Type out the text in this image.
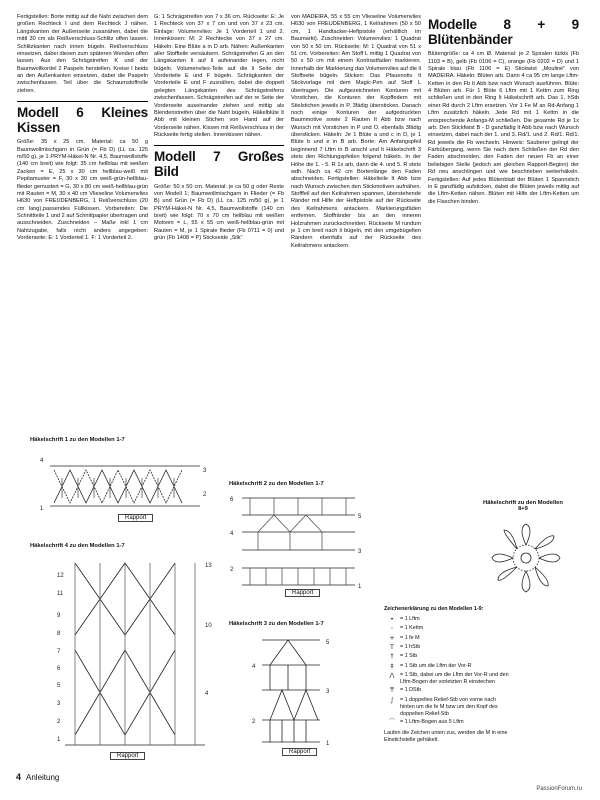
Fertigstellen: Borte mittig auf die Naht zwischen dem großen Rechteck I und dem Rechteck J nähen. Längskanten der Außenseite zusanähen, dabei die mittl 30 cm als Reißverschluss-Schlitz offen lassen. Schlitzkanten nach innen bügeln. Reißverschluss einsetzen, dabei diesen zum späteren Wenden offen lassen. Aus den Schrägstreifen K und der Baumwollkordel 2 Paspeln herstellen. Kreise I beids an den Außenkanten einsetzen, dabei die Paspeln zwischenfassen. Teil über die Schaumstoffrolle ziehen.

Modell 6 Kleines Kissen

Größe: 35 x 25 cm. Material: ca 50 g Baumwollmischgarn in Grün (= Fb D) (LL ca. 125 m/50 g), je 1 PRYM-Häkel-N Nr. 4,5, Baumwollstoffe (140 cm breit) wie folgt: 35 cm hellblau mit weißen Zacken = E, 25 x 30 cm hellblau-weiß mit Pepitamuster = F, 30 x 30 cm weiß-grün-hellblau-flieder gemustert = G, 30 x 80 cm weiß-hellblau-grün mit Rauten = M, 30 x 40 cm Vlieseline Volumenvlies H630 von FREUDENBERG, 1 Reißverschluss (20 cm lang),passendes Füllkissen. Vorbereiten: Die Schnittteile 1 und 2 auf Schnittpapier übertragen und ausschneiden. Zuschneiden – Maße inkl 1 cm Nahtzugabe, falls nicht anders angegeben: Vorderseite: E: 1 Vorderteil 1. F: 1 Vorderteil 2.

G: 1 Schrägstreifen von 7 x 36 cm. Rückseite: E: Je 1 Rechteck von 37 x 7 cm und von 37 x 23 cm. Einlage: Volumenvlies: Je 1 Vorderteil 1 und 2. Innenkissen: M: 2 Rechtecke von 37 x 27 cm. Häkeln: Eine Blüte a in D arb. Nähen: Außenkanten aller Stoffteile versäubern. Schrägstreifen G an den Längskanten li auf li aufeinander legen, nicht bügeln. Volumenvlies-Teile auf die li Seite der Vorderteile E und F bügeln. Schrägkanten der Vorderteile E und F zusnähen, dabei die doppelt gelegten Längskanten des Schrägstreifens zwischenfassen. Schrägstreifen auf der re Seite der Vorderseite auseinander ziehen und mittig als Blendenstreifen über die Naht bügeln. Häkelblüte lt Abb mit kleinen Stichen von Hand auf der Vorderseite nähen. Kissen mit Reißverschluss in der Rückseite fertig stellen. Innenkissen nähen.

Modell 7 Großes Bild

Größe: 50 x 50 cm. Material: je ca 50 g oder Reste von Modell 1; Baumwollmischgarn in Flieder (= Fb B) und Grün (= Fb D) (LL ca. 125 m/50 g), je 1 PRYM-Häkel-N Nr. 4,5, Baumwollstoffe (140 cm breit) wie folgt: 70 x 70 cm hellblau mit weißen Motiven = L, 55 x 55 cm weiß-hellblau-grün mit Rauten = M, je 1 Spirale flieder (Fb 0711 = 0) und grün (Fb 1408 = P) Stickseide „Silk“

von MADEIRA, 55 x 55 cm Vlieseline Volumenvlies H630 von FREUDENBERG, 1 Keilrahmen (50 x 50 cm, 1 Handtacker-Heftpistole (erhältlich im Baumarkt). Zuschneiden: Volumenvlies: 1 Quadrat von 50 x 50 cm. Rückseite: M: 1 Quadrat von 51 x 51 cm. Vorbereiten: Am Stoff L mittig 1 Quadrat von 50 x 50 cm mit einem Kontrastfaden markieren. Innerhalb der Markierung das Volumenvlies auf die li Stoffseite bügeln. Sticken: Das Pfauenotiv lt Stickvorlage mit dem Magic-Pen auf Stoff L übertragen. Die aufgezeichneten Konturen mit Vorstichen, die Konturen der Kopffedern mit Stielstichen jeweils in P, 3fädig übersticken. Danach noch einige Konturen der aufgedruckten Baummotive sowie 2 Rauten lt Abb bzw nach Wunsch mit Vorstichen in P und O, ebenfalls 3fädig übersticken. Häkeln: Je 1 Blüte a und c in D, je 1 Blüte b und e in B arb. Borte: Am Anfangspfeil beginnend 7 Lftm in B anschl und lt Häkelschrift 3 stets den Richtungspfeilen folgend häkeln. In der Höhe die 1. - 5. R 1x arb, dann die 4. und 5. R stets wdh. Nach ca 42 cm Bortenlänge den Faden abschneiden. Fertigstellen: Häkelteile lt Abb bzw nach Wunsch zwischen den Stickmotiven aufnähen. Stofffeil auf den Keilrahmen spannen, überstehende Ränder mit Hilfe der Heftpistole auf der Rückseite des Keilrahmens antackern. Markierungsfäden entfernen. Stoffränder bis an den inneren Holzrahmen zurückschneiden. Rückseite M rundum je 1 cm breit nach li bügeln, mit den umgebügelten Rändern ebenfalls auf der Rückseite des Keilrahmens antackern.

Modelle 8 + 9 Blütenbänder

Blütengröße: ca 4 cm Ø. Material: je 2 Spiralen türkis (Fb 1103 = B), gelb (Fb 0106 = C), orange (Fb 0202 = D) und 1 Spirale blau (Fb 1106 = E) Stickwist „Mouliné“ von MADEIRA. Häkeln: Blüten arb. Dann 4 ca 95 cm lange Lftm-Ketten in den Fb lt Abb bzw nach Wunsch ausführen. Blüte: 4 Blüten arb. Für 1 Blüte 6 Lftm mit 1 Kettm zum Ring schließen und in den Ring lt Häkelschrift arb. Das 1. hStb einer Rd durch 2 Lftm ersetzen. Vor 1 Fe M an Rd-Anfang 1 Lftm zusätzlich häkeln. Jede Rd mit 1 Kettm in die entsprechende Anfangs-M schließen. Die gesamte Rd je 1x arb. Den Stickfwist B - D ganzfädig lt Abb bzw nach Wunsch einsetzen, dabei nach der 1. und 3. Rd/1. und 2. Rd/1. Rd/1. Rd jeweils die Fb wechseln. Hinweis: Sauberer gelingt der Farbübergang, wenn Sie nach dem Schließen der Rd den Faden abschneiden, den Faden der neuen Fb an einer beliebigen Stelle (jedoch am gleichen Rapport-Beginn) der Rd neu anschlingen und wie beschrieben weiterhäkeln. Fertigstellen: Auf jedes Blütenblatt der Blüten 1 Spannstich in E ganzfädig aufsticken, dabei die Blüten jeweils mittig auf die Lftm-Ketten nähen. Blüten mit Hilfe der Lftm-Ketten um die Flaschen binden.

Häkelschrift 1 zu den Modellen 1-7
Häkelschrift 2 zu den Modellen 1-7
Häkelschrift 3 zu den Modellen 1-7
Häkelschrift 4 zu den Modellen 1-7
Häkelschrift zu den Modellen 8+9
4
3
2
1
Rapport
12
11
9
8
7
6
5
3
2
1
13
10
4
Rapport
6
5
4
3
2
1
Rapport
5
4
3
2
1
Rapport
Zeichenerklärung zu den Modellen 1-9:
•	= 1 Lftm
◦	= 1 Kettm
+	= 1 fe M
T	= 1 hStb
†	= 1 Stb
‡	= 1 Stb um die Lftm der Vor-R
⋀	= 1 Stb, dabei um die Lftm der Vor-R und den Lftm-Bogen der vorletzten R einstechen
₸	= 1 DStb
∫	= 1 doppeltes Relief-Stb von vorne nach hinten um die fe M bzw um den Kopf des doppelten Relief-Stb
⌒ = 1 Lftm-Bogen aus 5 Lftm
Laufen die Zeichen unten zus, werden die M in eine Einstichstelle gehäkelt.
4 Anleitung
PassionForum.ru
